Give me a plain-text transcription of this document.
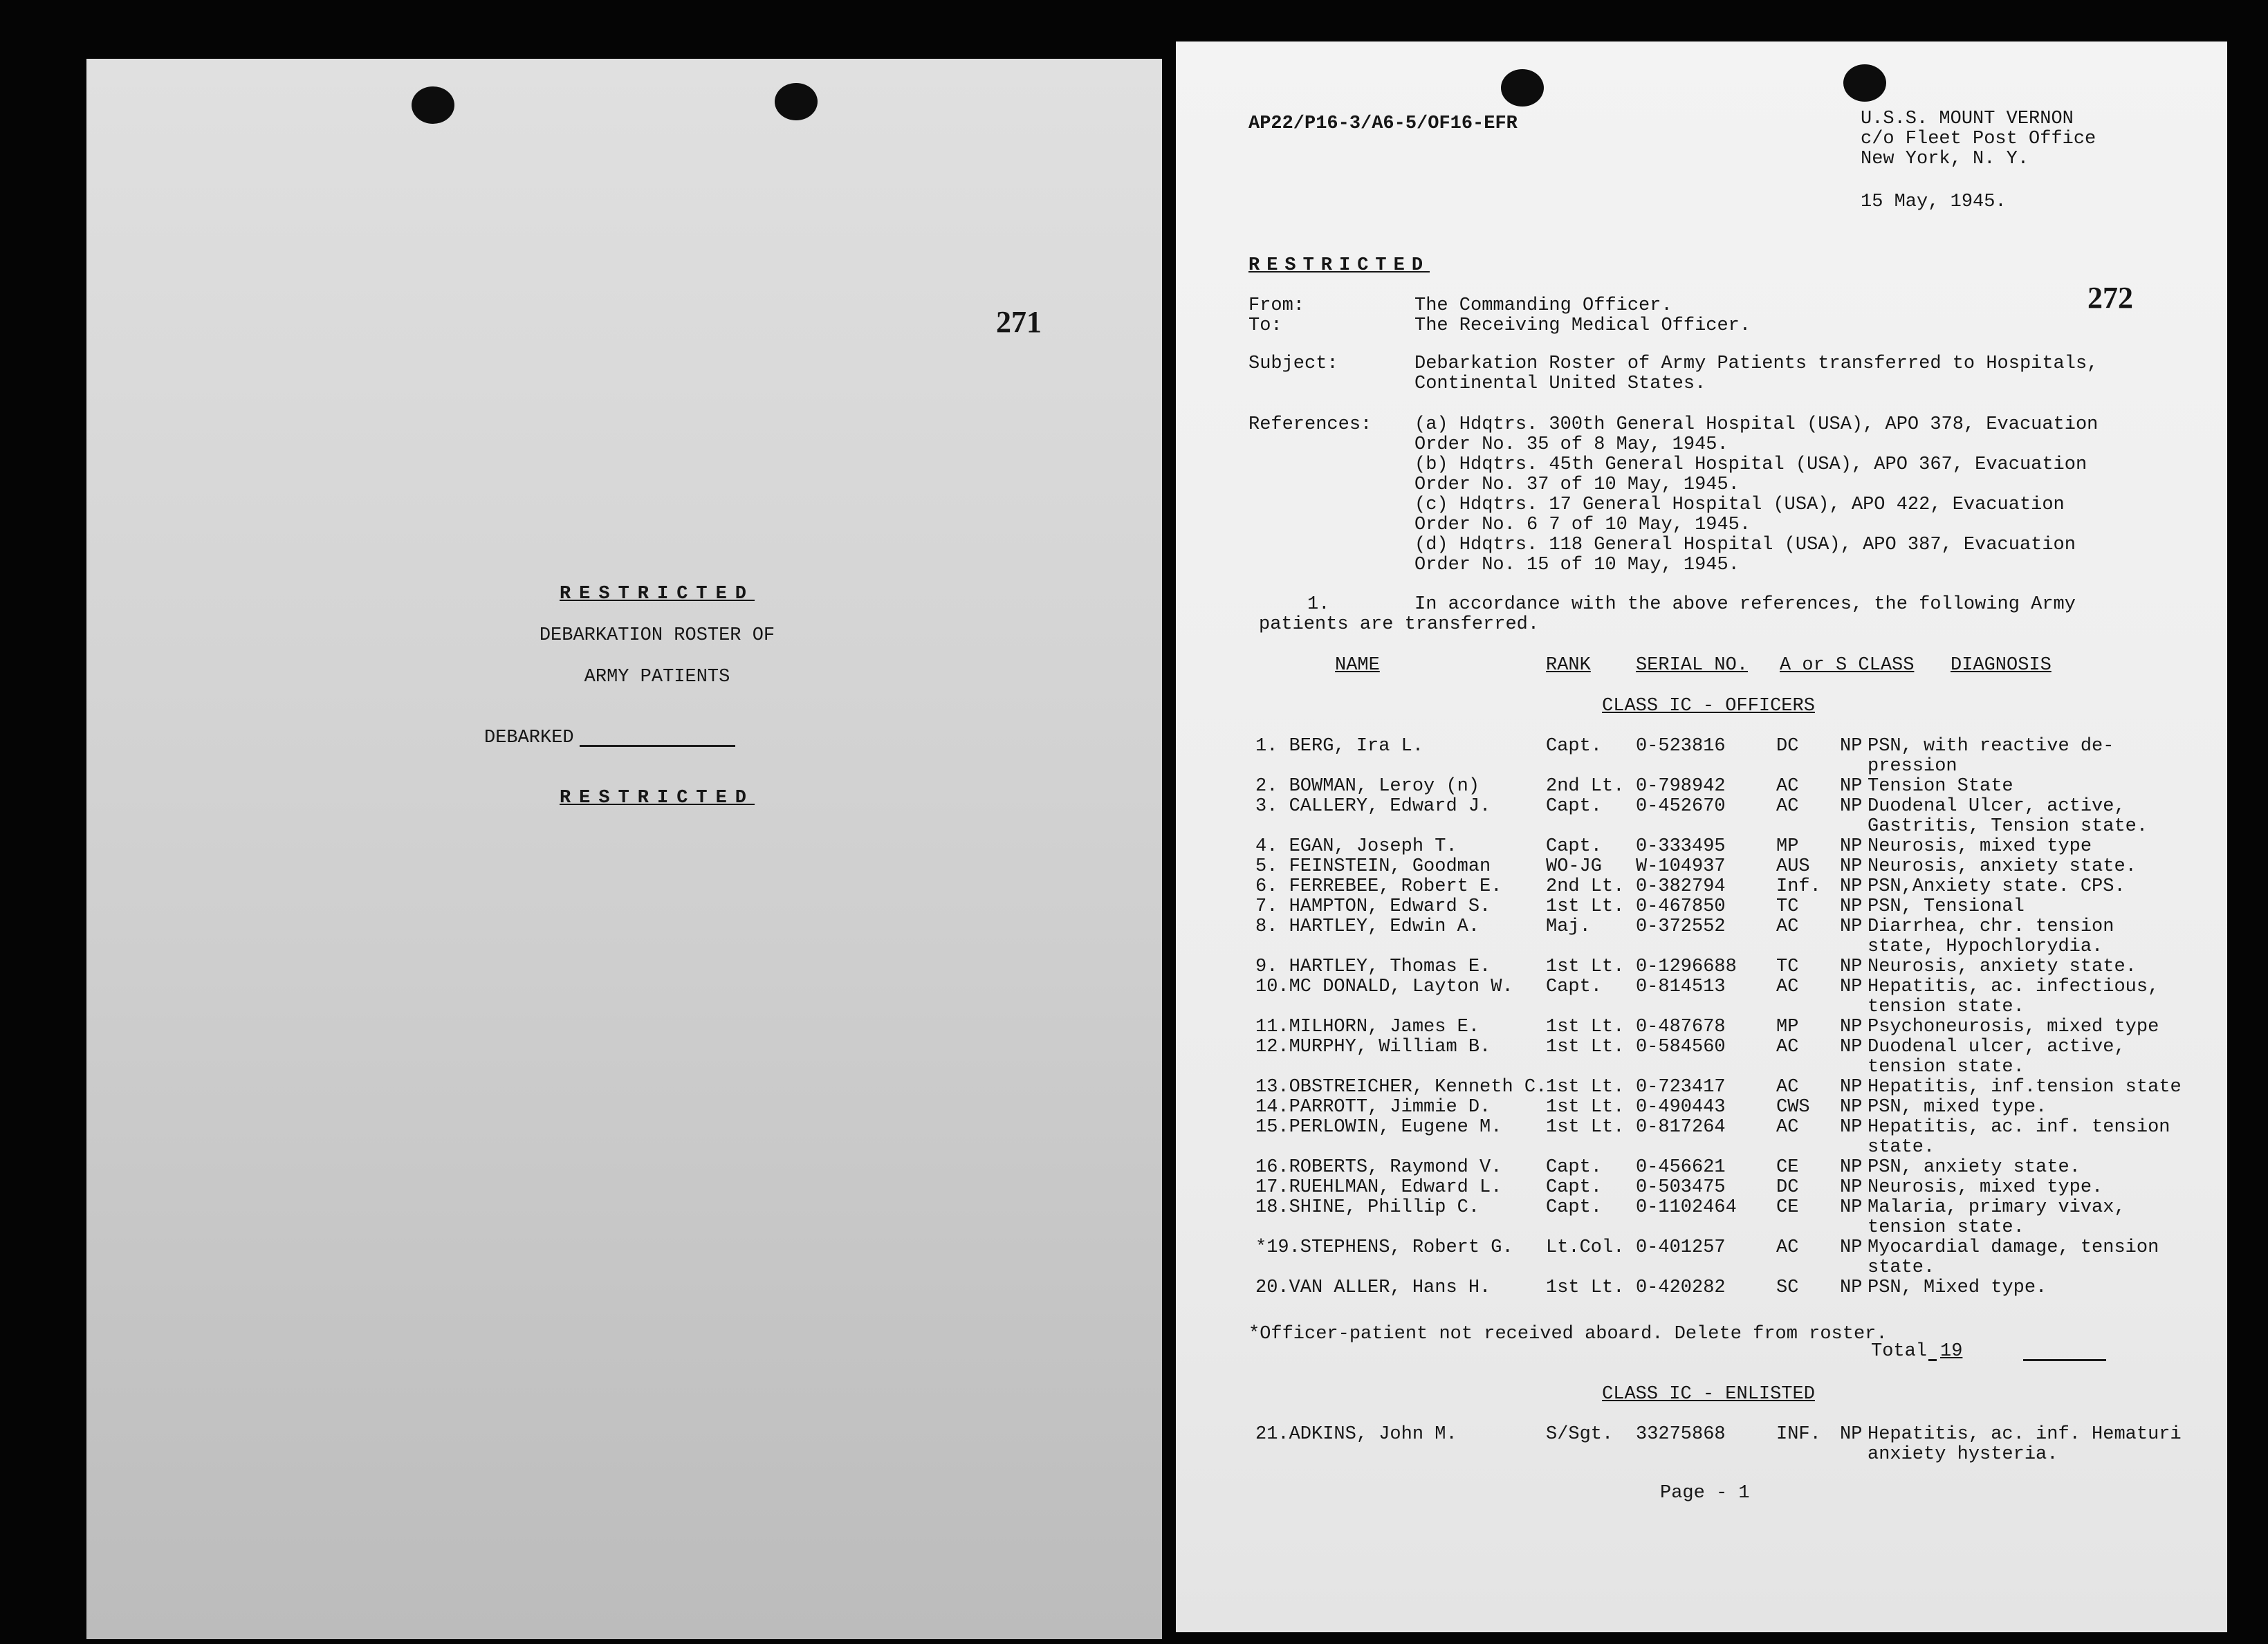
271
RESTRICTED
DEBARKATION ROSTER OF
ARMY PATIENTS
DEBARKED
RESTRICTED
AP22/P16-3/A6-5/OF16-EFR	U.S.S. MOUNT VERNON
c/o Fleet Post Office
New York, N. Y.
15 May, 1945.
RESTRICTED
272
From:	The Commanding Officer.
To:	The Receiving Medical Officer.
Subject:	Debarkation Roster of Army Patients transferred to Hospitals,
Continental United States.
References: (a) Hdqtrs. 300th General Hospital (USA), APO 378, Evacuation
Order No. 35 of 8 May, 1945.
(b) Hdqtrs. 45th General Hospital (USA), APO 367, Evacuation
Order No. 37 of 10 May, 1945.
(c) Hdqtrs. 17 General Hospital (USA), APO 422, Evacuation
Order No. 6 7 of 10 May, 1945.
(d) Hdqtrs. 118 General Hospital (USA), APO 387, Evacuation
Order No. 15 of 10 May, 1945.
1.	In accordance with the above references, the following Army
patients are transferred.
NAME	RANK SERIAL NO. A or S CLASS DIAGNOSIS
CLASS IC - OFFICERS
1. BERG, Ira L.	Capt. 0-523816	DC NP PSN, with reactive de-
pression
2. BOWMAN, Leroy (n)	2nd Lt. 0-798942	AC NP Tension State
3. CALLERY, Edward J.	Capt. 0-452670	AC NP Duodenal Ulcer, active,
Gastritis, Tension state.
4. EGAN, Joseph T.	Capt. 0-333495	MP NP Neurosis, mixed type
5. FEINSTEIN, Goodman	WO-JG W-104937	AUS NP Neurosis, anxiety state.
6. FERREBEE, Robert E. 2nd Lt. 0-382794	Inf. NP PSN,Anxiety state. CPS.
7. HAMPTON, Edward S.	1st Lt. 0-467850	TC NP PSN, Tensional
8. HARTLEY, Edwin A.	Maj. 0-372552	AC NP Diarrhea, chr. tension
state, Hypochlorydia.
9. HARTLEY, Thomas E.	1st Lt. 0-1296688 TC NP Neurosis, anxiety state.
10.MC DONALD, Layton W. Capt. 0-814513	AC NP Hepatitis, ac. infectious,
tension state.
11.MILHORN, James E.	1st Lt. 0-487678	MP NP Psychoneurosis, mixed type
12.MURPHY, William B.	1st Lt. 0-584560	AC NP Duodenal ulcer, active,
tension state.
13.OBSTREICHER, Kenneth C.
1st Lt. 0-723417	AC NP Hepatitis, inf.tension state
14.PARROTT, Jimmie D.	1st Lt. 0-490443	CWS NP PSN, mixed type.
15.PERLOWIN, Eugene M. 1st Lt. 0-817264	AC NP Hepatitis, ac. inf. tension
state.
16.ROBERTS, Raymond V. Capt. 0-456621	CE NP PSN, anxiety state.
17.RUEHLMAN, Edward L. Capt. 0-503475	DC NP Neurosis, mixed type.
18.SHINE, Phillip C.	Capt. 0-1102464 CE NP Malaria, primary vivax,
tension state.
*19.STEPHENS, Robert G. Lt.Col. 0-401257	AC NP Myocardial damage, tension
state.
20.VAN ALLER, Hans H.	1st Lt. 0-420282	SC NP PSN, Mixed type.
*Officer-patient not received aboard. Delete from roster.
Total 19
CLASS IC - ENLISTED
21.ADKINS, John M.	S/Sgt. 33275868	INF. NP Hepatitis, ac. inf. Hematuri
anxiety hysteria.
Page - 1
